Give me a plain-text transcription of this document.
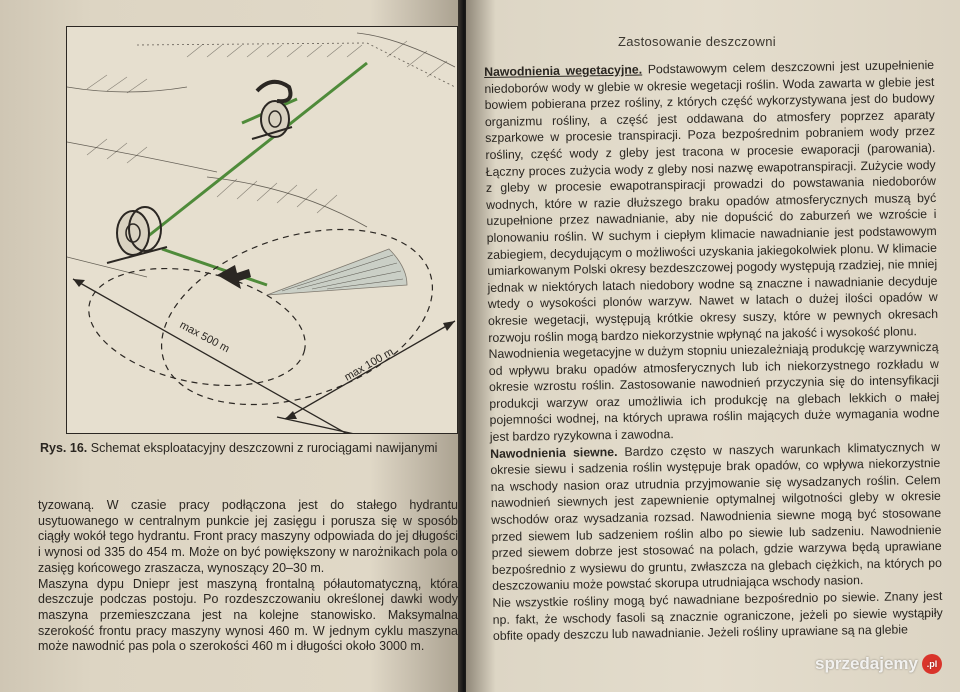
max 500 m
max 100 m
Rys. 16. Schemat eksploatacyjny deszczowni z rurociągami nawijanymi

tyzowaną. W czasie pracy podłączona jest do stałego hydrantu usytuowanego w centralnym punkcie jej zasięgu i porusza się w sposób ciągły wokół tego hydrantu. Front pracy maszyny odpowiada do jej długości i wynosi od 335 do 454 m. Może on być powiększony w narożnikach pola o zasięg końcowego zraszacza, wynoszący 20–30 m.

Maszyna dypu Dniepr jest maszyną frontalną półautomatyczną, która deszczuje podczas postoju. Po rozdeszczowaniu określonej dawki wody maszyna przemieszczana jest na kolejne stanowisko. Maksymalna szerokość frontu pracy maszyny wynosi 460 m. W jednym cyklu maszyna może nawodnić pas pola o szerokości 460 m i długości około 3000 m.

Zastosowanie deszczowni

Nawodnienia wegetacyjne. Podstawowym celem deszczowni jest uzupełnienie niedoborów wody w glebie w okresie wegetacji roślin. Woda zawarta w glebie jest bowiem pobierana przez rośliny, z których część wykorzystywana jest do budowy organizmu rośliny, a część jest oddawana do atmosfery poprzez aparaty szparkowe w procesie transpiracji. Poza bezpośrednim pobraniem wody przez rośliny, część wody z gleby jest tracona w procesie ewaporacji (parowania). Łączny proces zużycia wody z gleby nosi nazwę ewapotranspiracji. Zużycie wody z gleby w procesie ewapotranspiracji prowadzi do powstawania niedoborów wodnych, które w razie dłuższego braku opadów atmosferycznych muszą być uzupełnione przez nawadnianie, aby nie dopuścić do zaburzeń we wzroście i plonowaniu roślin. W suchym i ciepłym klimacie nawadnianie jest podstawowym zabiegiem, decydującym o możliwości uzyskania jakiegokolwiek plonu. W klimacie umiarkowanym Polski okresy bezdeszczowej pogody występują rzadziej, nie mniej jednak w niektórych latach niedobory wodne są znaczne i nawadnianie decyduje wtedy o wysokości plonów warzyw. Nawet w latach o dużej ilości opadów w okresie wegetacji, występują krótkie okresy suszy, które w pewnych okresach rozwoju roślin mogą bardzo niekorzystnie wpłynąć na jakość i wysokość plonu.

Nawodnienia wegetacyjne w dużym stopniu uniezależniają produkcję warzywniczą od wpływu braku opadów atmosferycznych lub ich niekorzystnego rozkładu w okresie wzrostu roślin. Zastosowanie nawodnień przyczynia się do intensyfikacji produkcji warzyw oraz umożliwia ich produkcję na glebach lekkich o małej pojemności wodnej, na których uprawa roślin mających duże wymagania wodne jest bardzo ryzykowna i zawodna.

Nawodnienia siewne. Bardzo często w naszych warunkach klimatycznych w okresie siewu i sadzenia roślin występuje brak opadów, co wpływa niekorzystnie na wschody nasion oraz utrudnia przyjmowanie się wysadzanych roślin. Celem nawodnień siewnych jest zapewnienie optymalnej wilgotności gleby w okresie wschodów oraz wysadzania rozsad. Nawodnienia siewne mogą być stosowane przed siewem lub sadzeniem roślin albo po siewie lub sadzeniu. Nawodnienie przed siewem dobrze jest stosować na polach, gdzie warzywa będą uprawiane bezpośrednio z wysiewu do gruntu, zwłaszcza na glebach ciężkich, na których po deszczowaniu może powstać skorupa utrudniająca wschody nasion.

Nie wszystkie rośliny mogą być nawadniane bezpośrednio po siewie. Znany jest np. fakt, że wschody fasoli są znacznie ograniczone, jeżeli po siewie wystąpiły obfite opady deszczu lub nawadnianie. Jeżeli rośliny uprawiane są na glebie

sprzedajemy .pl
